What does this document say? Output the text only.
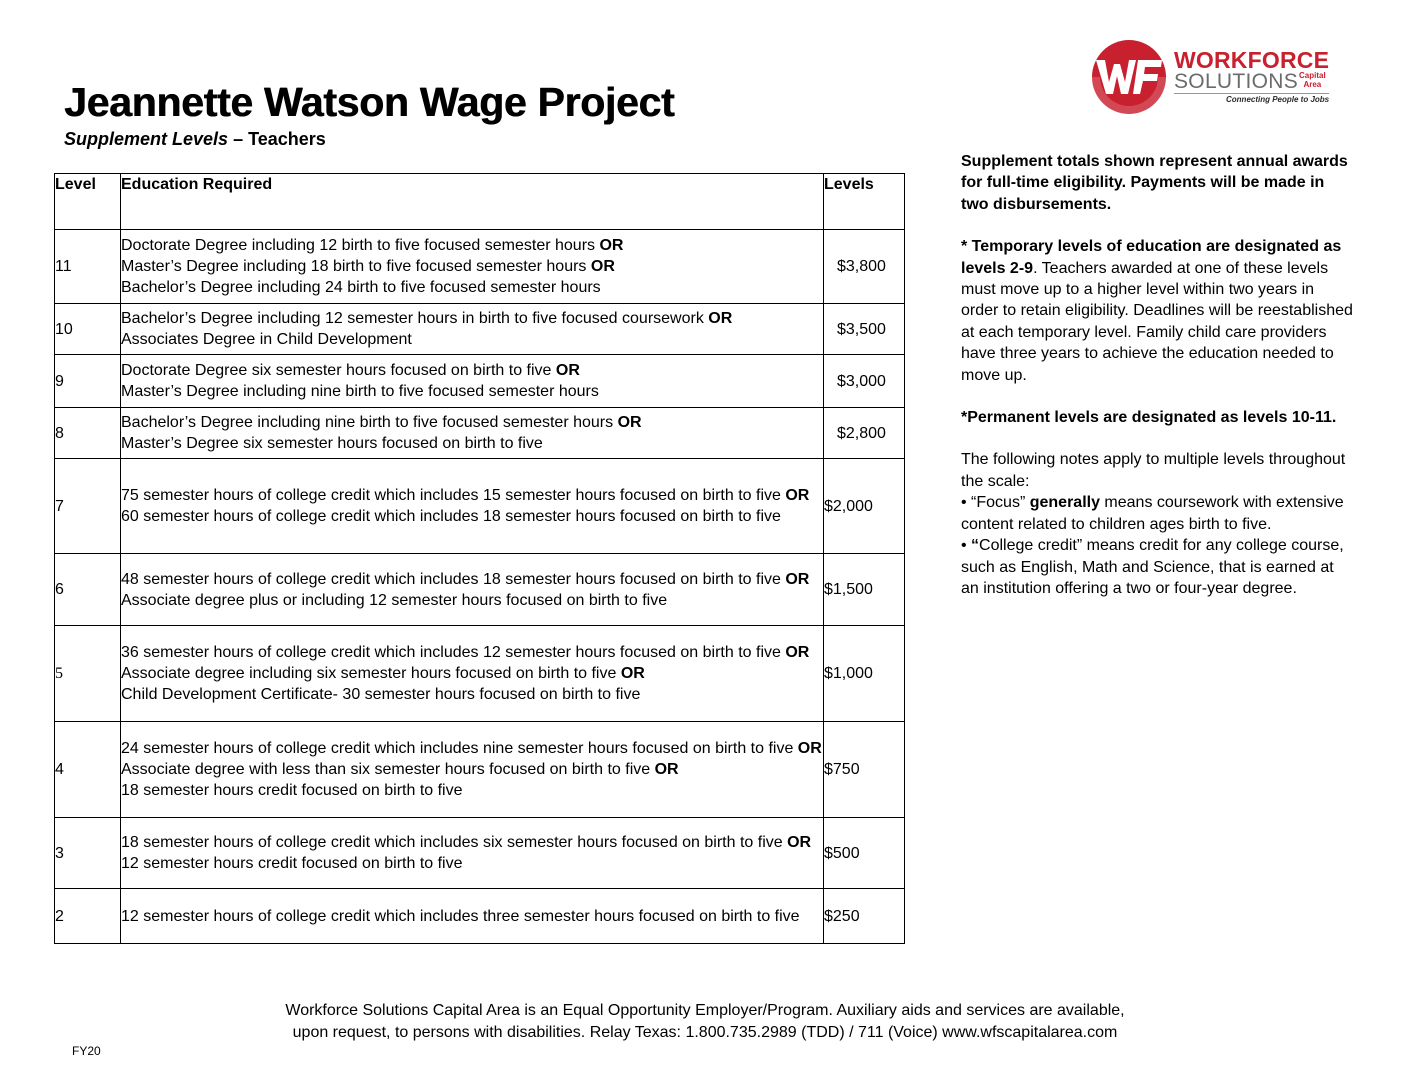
Jeannette Watson Wage Project

Supplement Levels – Teachers

WORKFORCE
SOLUTIONS Capital
Area
Connecting People to Jobs
Level	Education Required	Levels
11	Doctorate Degree including 12 birth to five focused semester hours OR
Master’s Degree including 18 birth to five focused semester hours OR
Bachelor’s Degree including 24 birth to five focused semester hours	$3,800
10	Bachelor’s Degree including 12 semester hours in birth to five focused coursework OR
Associates Degree in Child Development	$3,500
9	Doctorate Degree six semester hours focused on birth to five OR
Master’s Degree including nine birth to five focused semester hours	$3,000
8	Bachelor’s Degree including nine birth to five focused semester hours OR
Master’s Degree six semester hours focused on birth to five	$2,800
7	75 semester hours of college credit which includes 15 semester hours focused on birth to five OR
60 semester hours of college credit which includes 18 semester hours focused on birth to five	$2,000
6	48 semester hours of college credit which includes 18 semester hours focused on birth to five OR
Associate degree plus or including 12 semester hours focused on birth to five	$1,500
5	36 semester hours of college credit which includes 12 semester hours focused on birth to five OR
Associate degree including six semester hours focused on birth to five OR
Child Development Certificate- 30 semester hours focused on birth to five	$1,000
4	24 semester hours of college credit which includes nine semester hours focused on birth to five OR Associate degree with less than six semester hours focused on birth to five OR
18 semester hours credit focused on birth to five	$750
3	18 semester hours of college credit which includes six semester hours focused on birth to five OR
12 semester hours credit focused on birth to five	$500
2	12 semester hours of college credit which includes three semester hours focused on birth to five	$250

Supplement totals shown represent annual awards for full-time eligibility. Payments will be made in two disbursements.

* Temporary levels of education are designated as levels 2-9. Teachers awarded at one of these levels must move up to a higher level within two years in order to retain eligibility. Deadlines will be reestablished at each temporary level. Family child care providers have three years to achieve the education needed to move up.

*Permanent levels are designated as levels 10-11.

The following notes apply to multiple levels throughout the scale:

• “Focus” generally means coursework with extensive content related to children ages birth to five.

• “College credit” means credit for any college course, such as English, Math and Science, that is earned at an institution offering a two or four-year degree.

Workforce Solutions Capital Area is an Equal Opportunity Employer/Program. Auxiliary aids and services are available,
upon request, to persons with disabilities. Relay Texas: 1.800.735.2989 (TDD) / 711 (Voice) www.wfscapitalarea.com
FY20
